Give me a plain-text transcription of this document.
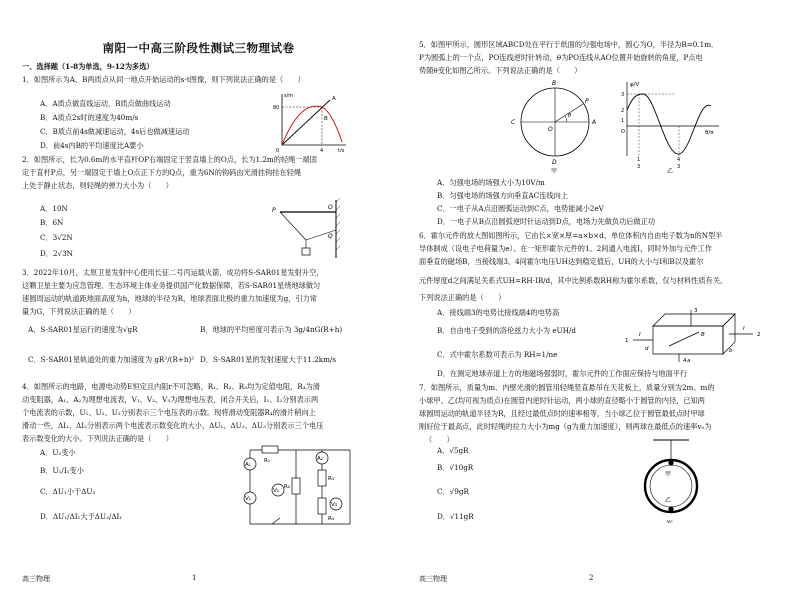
南阳一中高三阶段性测试三物理试卷
一、选择题（1-8为单选，9-12为多选）
1．如图所示为A、B两质点从同一地点开始运动的s-t图像，则下列说法正确的是（　　）
A．A质点做直线运动，B质点做曲线运动
B．A质点2s时的速度为40m/s
C．B质点前4s做减速运动，4s后也做减速运动
D．前4s内B的平均速度比A要小
s/m
t/s
80
4
0
A
B
2．如图所示，长为0.6m的水平直杆OP右端固定于竖直墙上的O点，长为1.2m的轻绳一端固
定于直杆P点，另一端固定于墙上O点正下方的Q点，重为6N的钩码由光滑挂钩挂在轻绳
上处于静止状态，则轻绳的弹力大小为（　　）
A．10N
B．6N
C．3√2N
D．2√3N
P	O
Q
3．2022年10月，太原卫星发射中心使用长征二号丙运载火箭，成功将S-SAR01星发射升空，
这颗卫星主要为应急管理、生态环境主体业务提供国产化数据保障，若S-SAR01星绕地球做匀
速圆周运动的轨道距地面高度为h，地球的半径为R，地球表面北极的重力加速度为g，引力常
量为G，下列说法正确的是（　　）
A．S-SAR01星运行的速度为√gR	B．地球的平均密度可表示为 3g/4πG(R+h)
C．S-SAR01星轨道处的重力加速度为 gR²/(R+h)² D．S-SAR01星的发射速度大于11.2km/s
4．如图所示的电路，电源电动势E恒定且内阻r不可忽略，R₁、R₂、R₃均为定值电阻，R₄为滑
动变阻器，A₁、A₂为理想电流表，V₁、V₂、V₃为理想电压表，闭合开关后，I₁、I₂分别表示两
个电流表的示数，U₁、U₂、U₃分别表示三个电压表的示数。现将滑动变阻器R₄的滑片稍向上
滑动一些，ΔI₁、ΔI₂分别表示两个电流表示数变化的大小，ΔU₁、ΔU₂、ΔU₃分别表示三个电压
表示数变化的大小。下列说法正确的是（　　）
A．U₂变小
B．U₁/I₁变小
C．ΔU₁小于ΔU₃
D．ΔU₁/ΔI₁大于ΔU₂/ΔI₁
A₁
V₁
V₂
A₂
V₃
R₁
R₂
R₃
R₄
高三物理	1
5．如图甲所示，圆形区域ABCD处在平行于纸面的匀强电场中，圆心为O，半径为R=0.1m．
P为圆弧上的一个点，PO连线逆时针转动，θ为PO连线从AO位置开始旋转的角度，P点电
势随θ变化如图乙所示。下列说法正确的是（　　）
B
C	A
D
O
P
θ
甲
φ/V
θ/π
3
2
1
O
1
3
4
3
乙
A．匀强电场的场强大小为10V/m
B．匀强电场的场强方向垂直AC连线向上
C．一电子从A点沿圆弧运动到C点，电势能减小2eV
D．一电子从B点沿圆弧逆时针运动到D点，电场力先做负功后做正功
6．霍尔元件的放大图如图所示，它由长×宽×厚=a×b×d、单位体积内自由电子数为n的N型半
导体制成（设电子电荷量为e）。在一矩形霍尔元件的1、2间通入电流I，同时外加与元件工作
面垂直的磁场B，当接线端3、4间霍尔电压UH达到稳定值后，UH的大小与I和B以及霍尔
元件厚度d之间满足关系式UH=RH·IB/d，其中比例系数RH称为霍尔系数，仅与材料性质有关。
下列说法正确的是（　　）
A．接线端3的电势比接线端4的电势高
B．自由电子受到的洛伦兹力大小为 eUH/d
C．式中霍尔系数可表示为 RH=1/ne
D．在测定地球赤道上方的地磁场强弱时，霍尔元件的工作面应保持与地面平行
1
2
3
4
I
I
B
a
b
d
7．如图所示，质量为m、内壁光滑的圆管用轻绳竖直悬吊在天花板上，质量分别为2m、m的
小球甲、乙(均可视为质点)在圆管内逆时针运动，两小球的直径略小于圆管的内径，已知两
球圆周运动的轨道半径为R，且经过最低点时的速率相等，当小球乙位于圆管最低点时甲球
刚好位于最高点，此时轻绳的拉力大小为mg（g为重力加速度），则两球在最低点的速率v₀为
（　　）
A．√5gR
B．√10gR
C．√9gR
D．√11gR
甲
乙
v₀
高三物理	2
